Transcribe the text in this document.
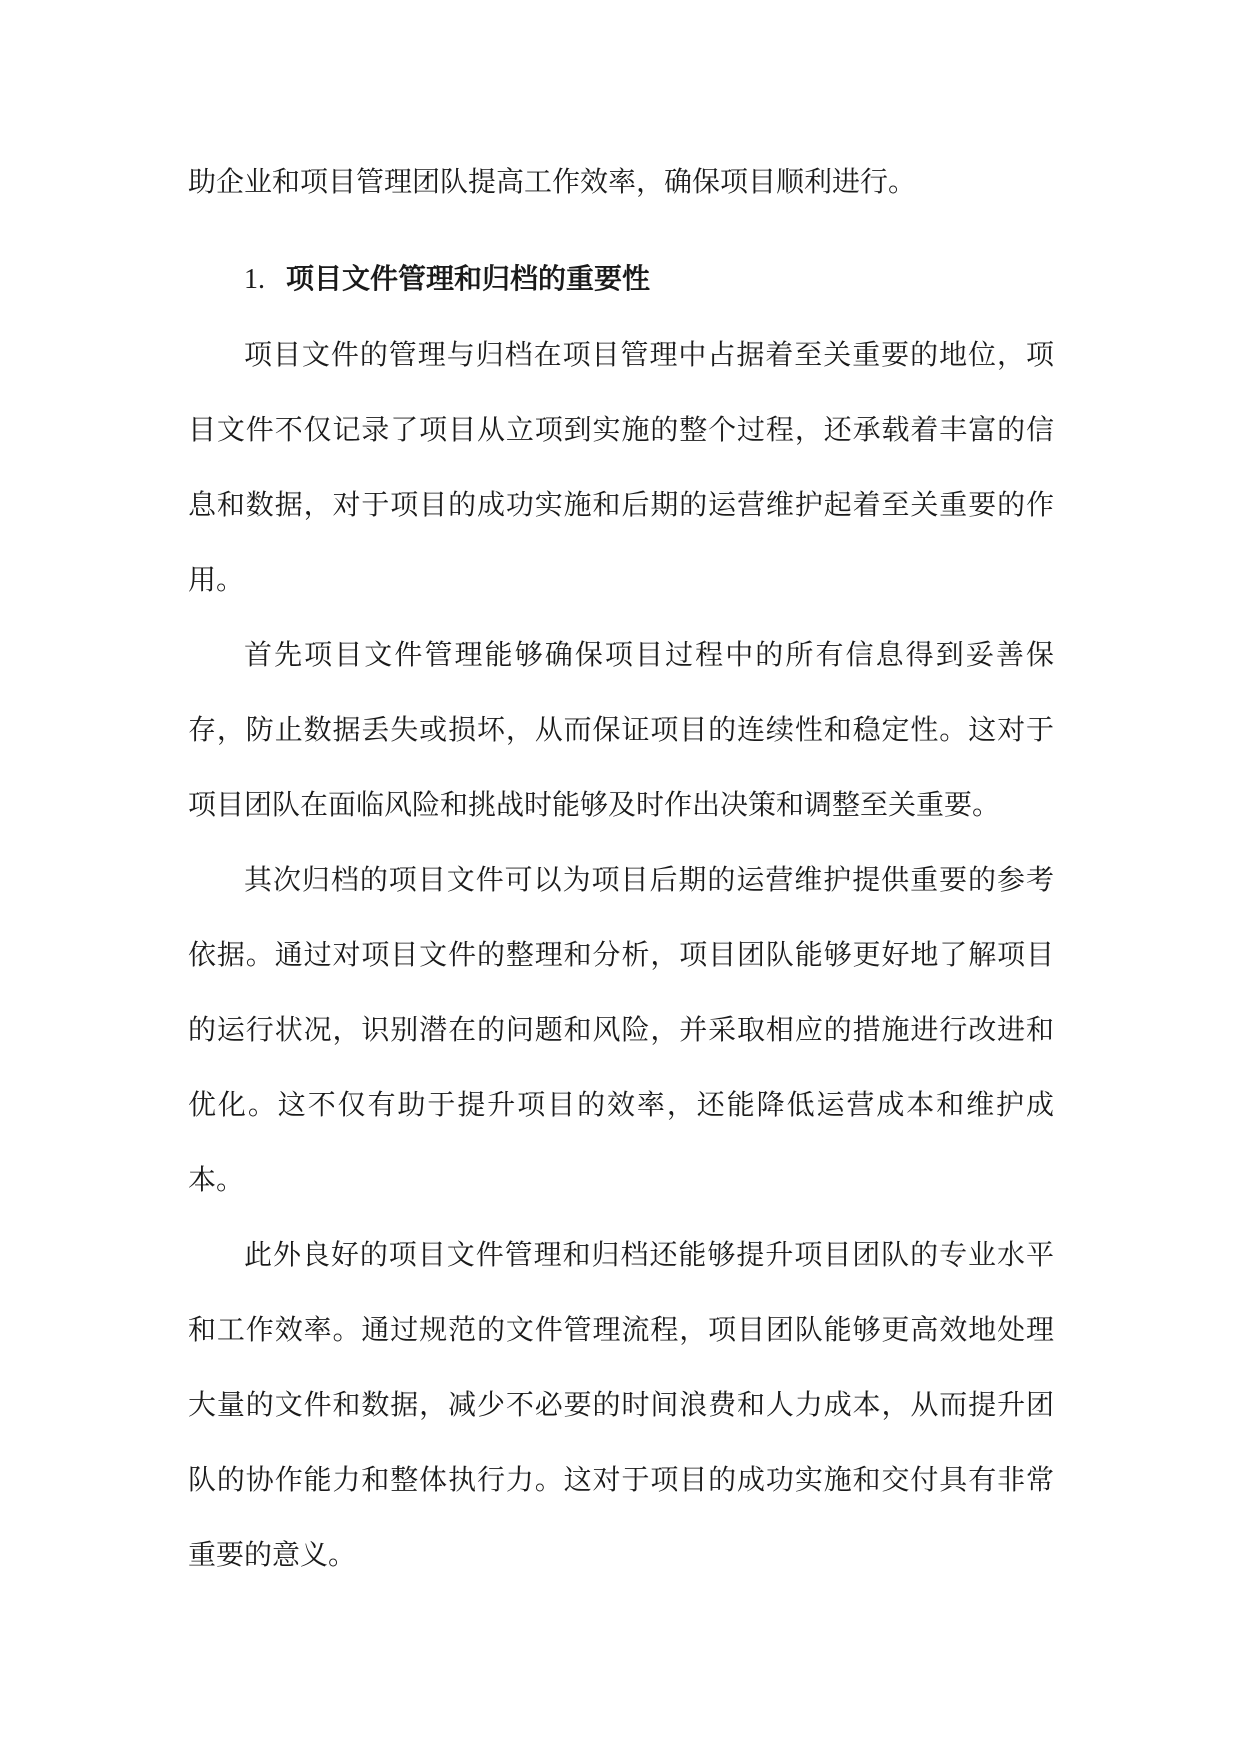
助企业和项目管理团队提高工作效率，确保项目顺利进行。

1. 项目文件管理和归档的重要性

项目文件的管理与归档在项目管理中占据着至关重要的地位，项目文件不仅记录了项目从立项到实施的整个过程，还承载着丰富的信息和数据，对于项目的成功实施和后期的运营维护起着至关重要的作用。

首先项目文件管理能够确保项目过程中的所有信息得到妥善保存，防止数据丢失或损坏，从而保证项目的连续性和稳定性。这对于项目团队在面临风险和挑战时能够及时作出决策和调整至关重要。

其次归档的项目文件可以为项目后期的运营维护提供重要的参考依据。通过对项目文件的整理和分析，项目团队能够更好地了解项目的运行状况，识别潜在的问题和风险，并采取相应的措施进行改进和优化。这不仅有助于提升项目的效率，还能降低运营成本和维护成本。

此外良好的项目文件管理和归档还能够提升项目团队的专业水平和工作效率。通过规范的文件管理流程，项目团队能够更高效地处理大量的文件和数据，减少不必要的时间浪费和人力成本，从而提升团队的协作能力和整体执行力。这对于项目的成功实施和交付具有非常重要的意义。
